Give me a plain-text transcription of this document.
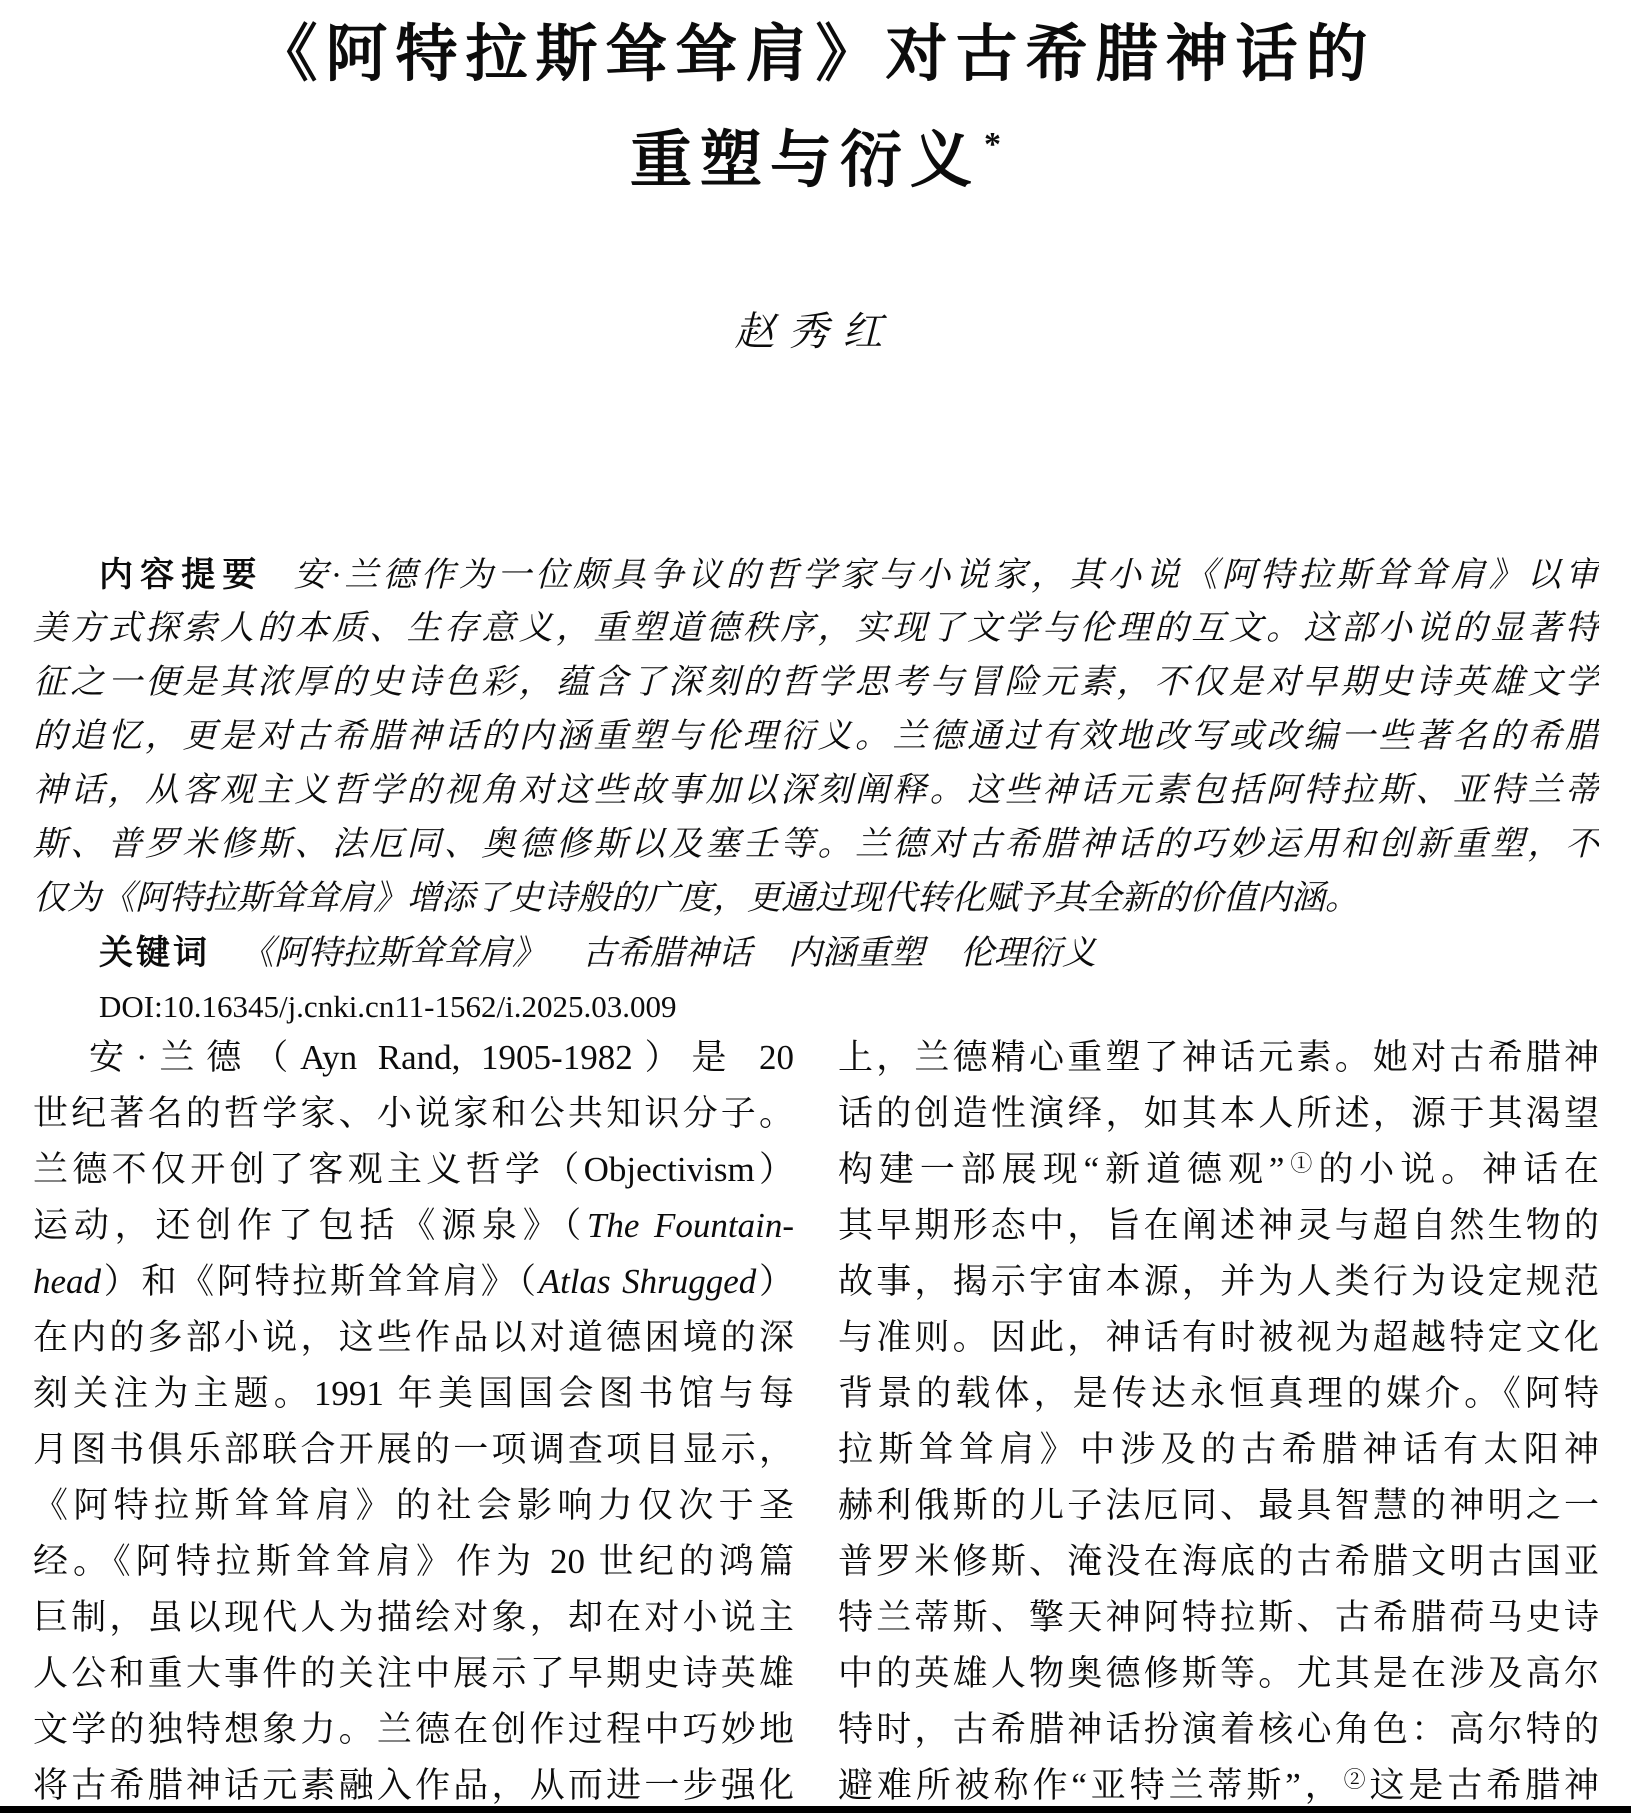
《阿特拉斯耸耸肩》对古希腊神话的
重塑与衍义 *
赵秀红
内容提要 安·兰德作为一位颇具争议的哲学家与小说家，其小说《阿特拉斯耸耸肩》以审
美方式探索人的本质、生存意义，重塑道德秩序，实现了文学与伦理的互文。这部小说的显著特
征之一便是其浓厚的史诗色彩，蕴含了深刻的哲学思考与冒险元素，不仅是对早期史诗英雄文学
的追忆，更是对古希腊神话的内涵重塑与伦理衍义。兰德通过有效地改写或改编一些著名的希腊
神话，从客观主义哲学的视角对这些故事加以深刻阐释。这些神话元素包括阿特拉斯、亚特兰蒂
斯、普罗米修斯、法厄同、奥德修斯以及塞壬等。兰德对古希腊神话的巧妙运用和创新重塑，不
仅为《阿特拉斯耸耸肩》增添了史诗般的广度，更通过现代转化赋予其全新的价值内涵。
关键词 《阿特拉斯耸耸肩》 古希腊神话 内涵重塑 伦理衍义
DOI:10.16345/j.cnki.cn11-1562/i.2025.03.009
安·兰德（Ayn Rand, 1905-1982）是 20
世纪著名的哲学家、小说家和公共知识分子。
兰德不仅开创了客观主义哲学（Objectivism）
运动，还创作了包括《源泉》（The Fountain-
head）和《阿特拉斯耸耸肩》（Atlas Shrugged）
在内的多部小说，这些作品以对道德困境的深
刻关注为主题。1991 年美国国会图书馆与每
月图书俱乐部联合开展的一项调查项目显示，
《阿特拉斯耸耸肩》的社会影响力仅次于圣
经。《阿特拉斯耸耸肩》作为 20 世纪的鸿篇
巨制，虽以现代人为描绘对象，却在对小说主
人公和重大事件的关注中展示了早期史诗英雄
文学的独特想象力。兰德在创作过程中巧妙地
将古希腊神话元素融入作品，从而进一步强化
上，兰德精心重塑了神话元素。她对古希腊神
话的创造性演绎，如其本人所述，源于其渴望
构建一部展现“新道德观”①的小说。神话在
其早期形态中，旨在阐述神灵与超自然生物的
故事，揭示宇宙本源，并为人类行为设定规范
与准则。因此，神话有时被视为超越特定文化
背景的载体，是传达永恒真理的媒介。《阿特
拉斯耸耸肩》中涉及的古希腊神话有太阳神
赫利俄斯的儿子法厄同、最具智慧的神明之一
普罗米修斯、淹没在海底的古希腊文明古国亚
特兰蒂斯、擎天神阿特拉斯、古希腊荷马史诗
中的英雄人物奥德修斯等。尤其是在涉及高尔
特时，古希腊神话扮演着核心角色：高尔特的
避难所被称作“亚特兰蒂斯”，②这是古希腊神
